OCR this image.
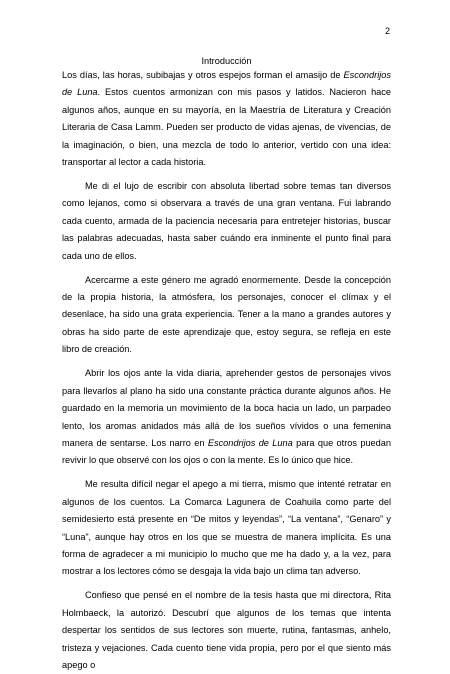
2
Introducción

Los días, las horas, subibajas y otros espejos forman el amasijo de Escondrijos de Luna. Estos cuentos armonizan con mis pasos y latidos. Nacieron hace algunos años, aunque en su mayoría, en la Maestría de Literatura y Creación Literaria de Casa Lamm. Pueden ser producto de vidas ajenas, de vivencias, de la imaginación, o bien, una mezcla de todo lo anterior, vertido con una idea: transportar al lector a cada historia.

Me di el lujo de escribir con absoluta libertad sobre temas tan diversos como lejanos, como si observara a través de una gran ventana. Fui labrando cada cuento, armada de la paciencia necesaria para entretejer historias, buscar las palabras adecuadas, hasta saber cuándo era inminente el punto final para cada uno de ellos.

Acercarme a este género me agradó enormemente. Desde la concepción de la propia historia, la atmósfera, los personajes, conocer el clímax y el desenlace, ha sido una grata experiencia. Tener a la mano a grandes autores y obras ha sido parte de este aprendizaje que, estoy segura, se refleja en este libro de creación.

Abrir los ojos ante la vida diaria, aprehender gestos de personajes vivos para llevarlos al plano ha sido una constante práctica durante algunos años. He guardado en la memoria un movimiento de la boca hacia un lado, un parpadeo lento, los aromas anidados más allá de los sueños vívidos o una femenina manera de sentarse. Los narro en Escondrijos de Luna para que otros puedan revivir lo que observé con los ojos o con la mente. Es lo único que hice.

Me resulta difícil negar el apego a mi tierra, mismo que intenté retratar en algunos de los cuentos. La Comarca Lagunera de Coahuila como parte del semidesierto está presente en “De mitos y leyendas”, “La ventana”, “Genaro” y “Luna”, aunque hay otros en los que se muestra de manera implícita. Es una forma de agradecer a mi municipio lo mucho que me ha dado y, a la vez, para mostrar a los lectores cómo se desgaja la vida bajo un clima tan adverso.

Confieso que pensé en el nombre de la tesis hasta que mi directora, Rita Holmbaeck, la autorizó. Descubrí que algunos de los temas que intenta despertar los sentidos de sus lectores son muerte, rutina, fantasmas, anhelo, tristeza y vejaciones. Cada cuento tiene vida propia, pero por el que siento más apego o
